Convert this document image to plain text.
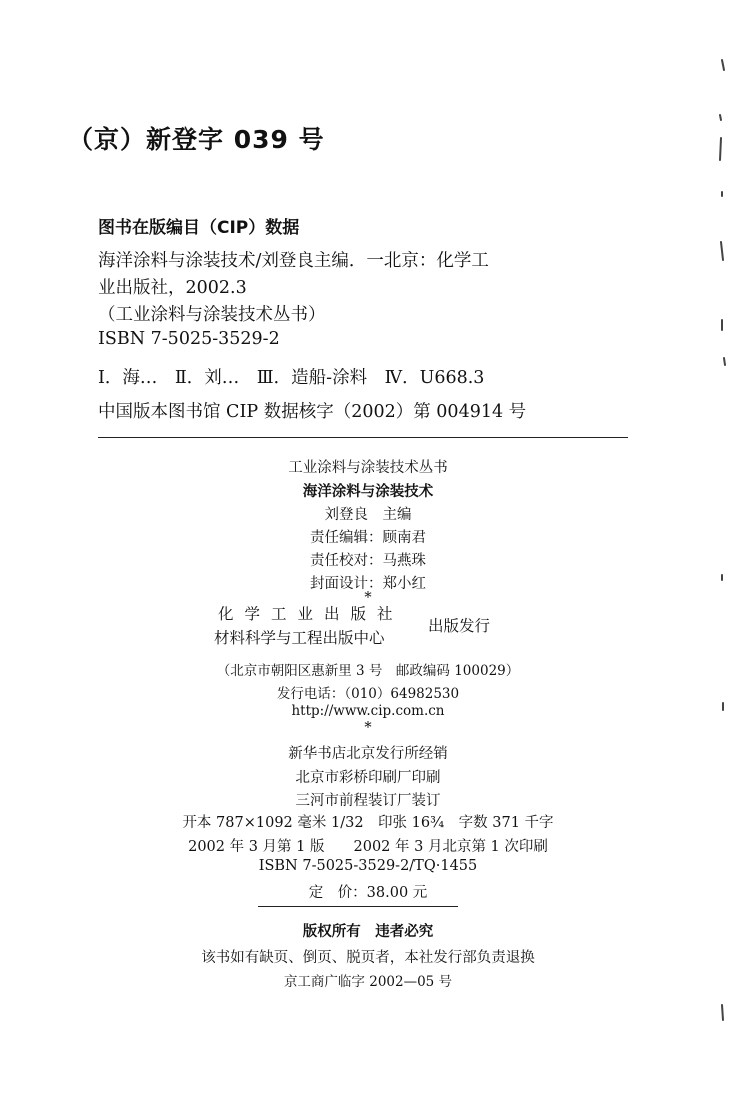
（京）新登字 039 号
图书在版编目（CIP）数据
海洋涂料与涂装技术/刘登良主编．一北京：化学工
业出版社，2002.3
（工业涂料与涂装技术丛书）
ISBN 7-5025-3529-2
Ⅰ．海…　Ⅱ．刘…　Ⅲ．造船-涂料　Ⅳ．U668.3
中国版本图书馆 CIP 数据核字（2002）第 004914 号
工业涂料与涂装技术丛书
海洋涂料与涂装技术
刘登良　主编
责任编辑：顾南君
责任校对：马燕珠
封面设计：郑小红
*
化学工业出版社
材料科学与工程出版中心
出版发行
（北京市朝阳区惠新里 3 号　邮政编码 100029）
发行电话：（010）64982530
http://www.cip.com.cn
*
新华书店北京发行所经销
北京市彩桥印刷厂印刷
三河市前程装订厂装订
开本 787×1092 毫米 1/32　印张 16¾　字数 371 千字
2002 年 3 月第 1 版　　2002 年 3 月北京第 1 次印刷
ISBN 7-5025-3529-2/TQ·1455
定　价：38.00 元
版权所有　违者必究
该书如有缺页、倒页、脱页者，本社发行部负责退换
京工商广临字 2002—05 号
